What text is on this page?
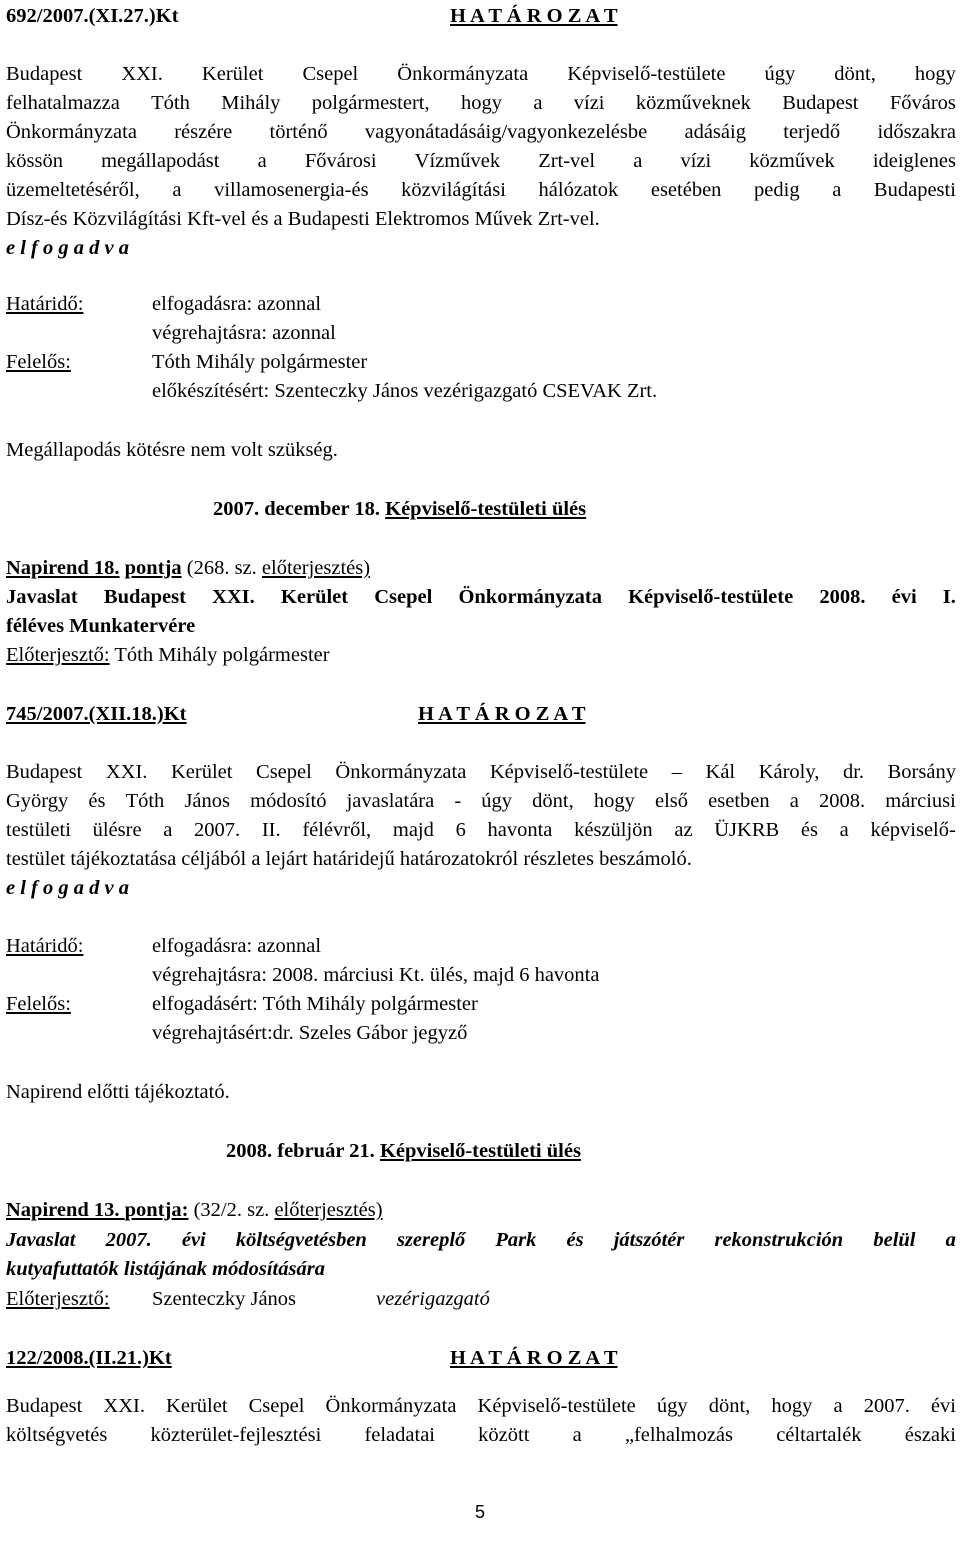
692/2007.(XI.27.)Kt	H A T Á R O Z A T
Budapest XXI. Kerület Csepel Önkormányzata Képviselő-testülete úgy dönt, hogy
felhatalmazza Tóth Mihály polgármestert, hogy a vízi közműveknek Budapest Főváros
Önkormányzata részére történő vagyonátadásáig/vagyonkezelésbe adásáig terjedő időszakra
kössön megállapodást a Fővárosi Vízművek Zrt-vel a vízi közművek ideiglenes
üzemeltetéséről, a villamosenergia-és közvilágítási hálózatok esetében pedig a Budapesti
Dísz-és Közvilágítási Kft-vel és a Budapesti Elektromos Művek Zrt-vel.
e l f o g a d v a
Határidő:	elfogadásra: azonnal
végrehajtásra: azonnal
Felelős:	Tóth Mihály polgármester
előkészítésért: Szenteczky János vezérigazgató CSEVAK Zrt.
Megállapodás kötésre nem volt szükség.
2007. december 18. Képviselő-testületi ülés
Napirend 18. pontja (268. sz. előterjesztés)
Javaslat Budapest XXI. Kerület Csepel Önkormányzata Képviselő-testülete 2008. évi I.
féléves Munkatervére
Előterjesztő: Tóth Mihály polgármester
745/2007.(XII.18.)Kt	H A T Á R O Z A T
Budapest XXI. Kerület Csepel Önkormányzata Képviselő-testülete – Kál Károly, dr. Borsány
György és Tóth János módosító javaslatára - úgy dönt, hogy első esetben a 2008. márciusi
testületi ülésre a 2007. II. félévről, majd 6 havonta készüljön az ÜJKRB és a képviselő-
testület tájékoztatása céljából a lejárt határidejű határozatokról részletes beszámoló.
e l f o g a d v a
Határidő:	elfogadásra: azonnal
végrehajtásra: 2008. márciusi Kt. ülés, majd 6 havonta
Felelős:	elfogadásért: Tóth Mihály polgármester
végrehajtásért:dr. Szeles Gábor jegyző
Napirend előtti tájékoztató.
2008. február 21. Képviselő-testületi ülés
Napirend 13. pontja: (32/2. sz. előterjesztés)
Javaslat 2007. évi költségvetésben szereplő Park és játszótér rekonstrukción belül a
kutyafuttatók listájának módosítására
Előterjesztő: Szenteczky János	vezérigazgató
122/2008.(II.21.)Kt	H A T Á R O Z A T
Budapest XXI. Kerület Csepel Önkormányzata Képviselő-testülete úgy dönt, hogy a 2007. évi
költségvetés közterület-fejlesztési feladatai között a „felhalmozás céltartalék északi
5
